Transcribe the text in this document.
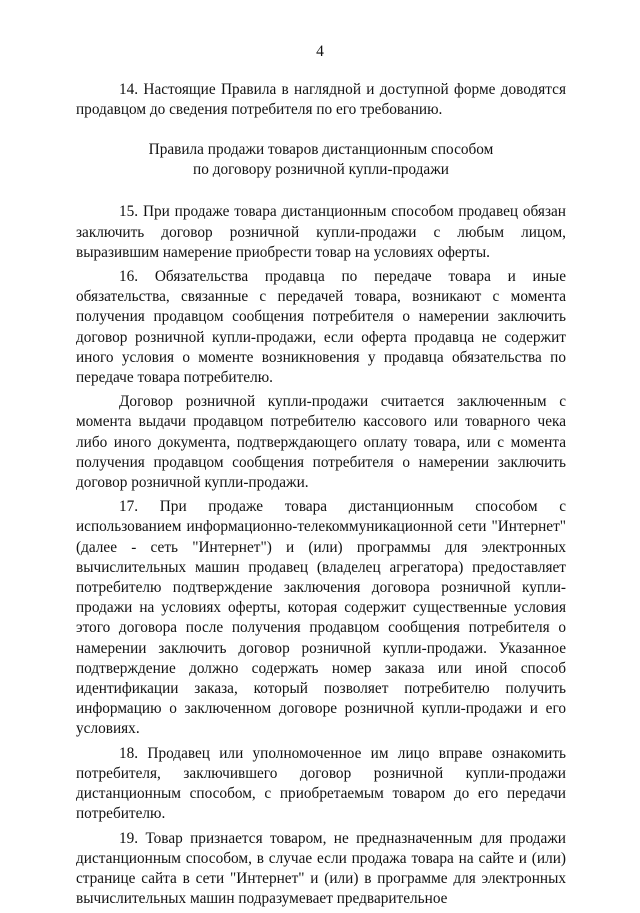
4

14. Настоящие Правила в наглядной и доступной форме доводятся продавцом до сведения потребителя по его требованию.

Правила продажи товаров дистанционным способом
по договору розничной купли-продажи

15. При продаже товара дистанционным способом продавец обязан заключить договор розничной купли-продажи с любым лицом, выразившим намерение приобрести товар на условиях оферты.

16. Обязательства продавца по передаче товара и иные обязательства, связанные с передачей товара, возникают с момента получения продавцом сообщения потребителя о намерении заключить договор розничной купли-продажи, если оферта продавца не содержит иного условия о моменте возникновения у продавца обязательства по передаче товара потребителю.

Договор розничной купли-продажи считается заключенным с момента выдачи продавцом потребителю кассового или товарного чека либо иного документа, подтверждающего оплату товара, или с момента получения продавцом сообщения потребителя о намерении заключить договор розничной купли-продажи.

17. При продаже товара дистанционным способом с использованием информационно-телекоммуникационной сети "Интернет" (далее - сеть "Интернет") и (или) программы для электронных вычислительных машин продавец (владелец агрегатора) предоставляет потребителю подтверждение заключения договора розничной купли-продажи на условиях оферты, которая содержит существенные условия этого договора после получения продавцом сообщения потребителя о намерении заключить договор розничной купли-продажи. Указанное подтверждение должно содержать номер заказа или иной способ идентификации заказа, который позволяет потребителю получить информацию о заключенном договоре розничной купли-продажи и его условиях.

18. Продавец или уполномоченное им лицо вправе ознакомить потребителя, заключившего договор розничной купли-продажи дистанционным способом, с приобретаемым товаром до его передачи потребителю.

19. Товар признается товаром, не предназначенным для продажи дистанционным способом, в случае если продажа товара на сайте и (или) странице сайта в сети "Интернет" и (или) в программе для электронных вычислительных машин подразумевает предварительное
